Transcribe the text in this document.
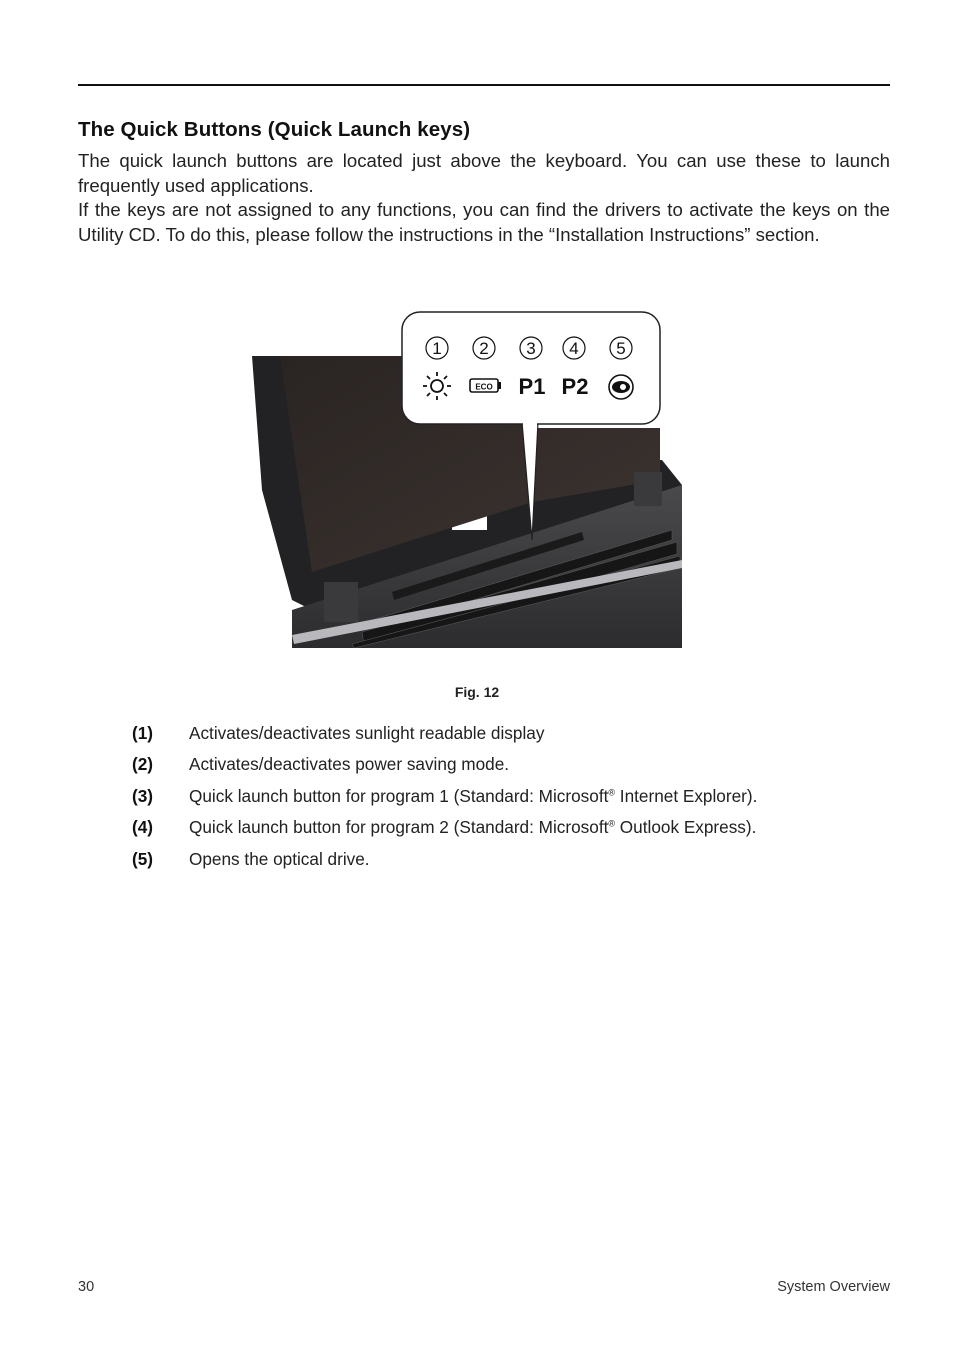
The Quick Buttons (Quick Launch keys)

The quick launch buttons are located just above the keyboard. You can use these to launch frequently used applications.

If the keys are not assigned to any functions, you can find the drivers to activate the keys on the Utility CD. To do this, please follow the instructions in the “Installation Instructions” section.

1 2 3 4 5
ECO P1 P2
Fig. 12
(1)	Activates/deactivates sunlight readable display
(2)	Activates/deactivates power saving mode.
(3)	Quick launch button for program 1 (Standard: Microsoft® Internet Explorer).
(4)	Quick launch button for program 2 (Standard: Microsoft® Outlook Express).
(5)	Opens the optical drive.
30	System Overview
